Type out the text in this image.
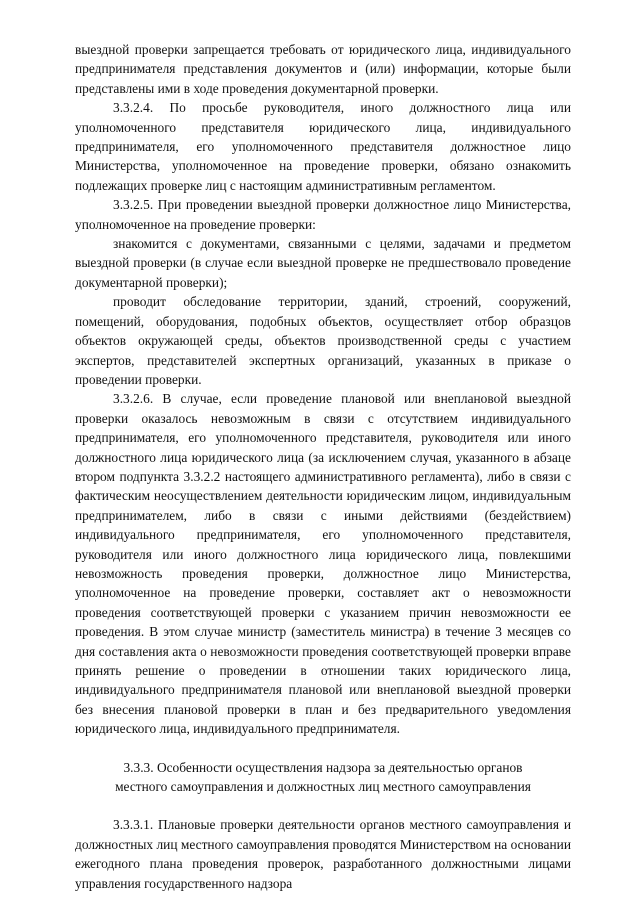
выездной проверки запрещается требовать от юридического лица, индивидуального предпринимателя представления документов и (или) информации, которые были представлены ими в ходе проведения документарной проверки.

3.3.2.4. По просьбе руководителя, иного должностного лица или уполномоченного представителя юридического лица, индивидуального предпринимателя, его уполномоченного представителя должностное лицо Министерства, уполномоченное на проведение проверки, обязано ознакомить подлежащих проверке лиц с настоящим административным регламентом.

3.3.2.5. При проведении выездной проверки должностное лицо Министерства, уполномоченное на проведение проверки:

знакомится с документами, связанными с целями, задачами и предметом выездной проверки (в случае если выездной проверке не предшествовало проведение документарной проверки);

проводит обследование территории, зданий, строений, сооружений, помещений, оборудования, подобных объектов, осуществляет отбор образцов объектов окружающей среды, объектов производственной среды с участием экспертов, представителей экспертных организаций, указанных в приказе о проведении проверки.

3.3.2.6. В случае, если проведение плановой или внеплановой выездной проверки оказалось невозможным в связи с отсутствием индивидуального предпринимателя, его уполномоченного представителя, руководителя или иного должностного лица юридического лица (за исключением случая, указанного в абзаце втором подпункта 3.3.2.2 настоящего административного регламента), либо в связи с фактическим неосуществлением деятельности юридическим лицом, индивидуальным предпринимателем, либо в связи с иными действиями (бездействием) индивидуального предпринимателя, его уполномоченного представителя, руководителя или иного должностного лица юридического лица, повлекшими невозможность проведения проверки, должностное лицо Министерства, уполномоченное на проведение проверки, составляет акт о невозможности проведения соответствующей проверки с указанием причин невозможности ее проведения. В этом случае министр (заместитель министра) в течение 3 месяцев со дня составления акта о невозможности проведения соответствующей проверки вправе принять решение о проведении в отношении таких юридического лица, индивидуального предпринимателя плановой или внеплановой выездной проверки без внесения плановой проверки в план и без предварительного уведомления юридического лица, индивидуального предпринимателя.

3.3.3. Особенности осуществления надзора за деятельностью органов

местного самоуправления и должностных лиц местного самоуправления

3.3.3.1. Плановые проверки деятельности органов местного самоуправления и должностных лиц местного самоуправления проводятся Министерством на основании ежегодного плана проведения проверок, разработанного должностными лицами управления государственного надзора
